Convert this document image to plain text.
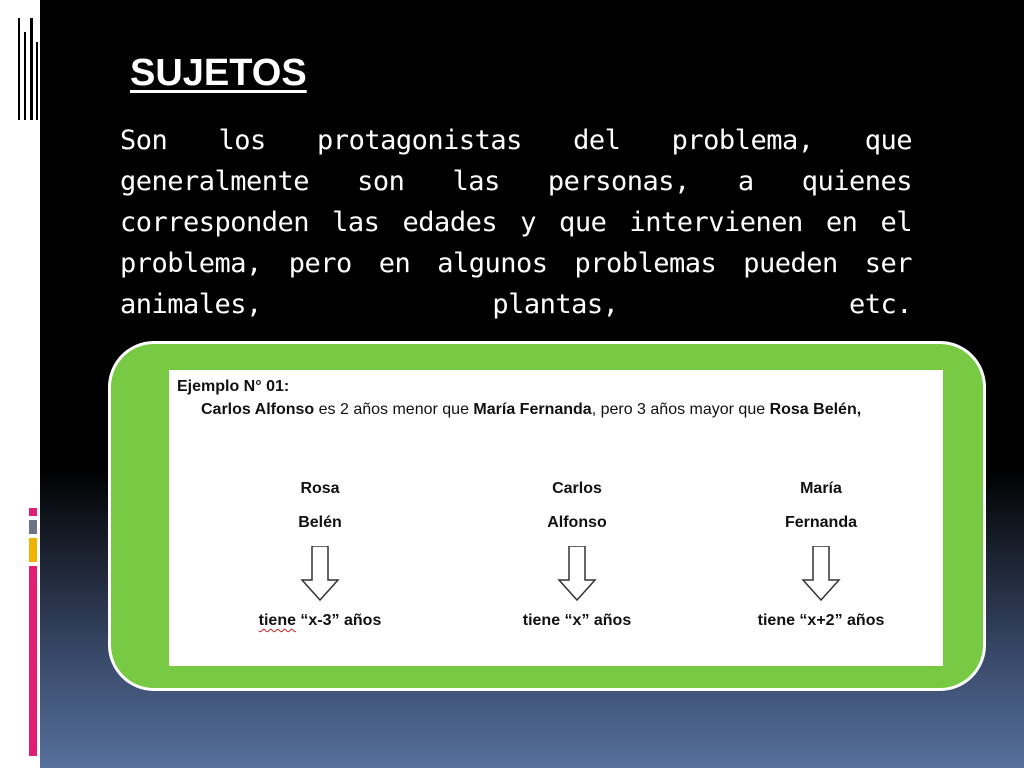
SUJETOS

Son los protagonistas del problema, que generalmente son las personas, a quienes corresponden las edades y que intervienen en el problema, pero en algunos problemas pueden ser animales, plantas, etc.

Ejemplo N° 01:
Carlos Alfonso es 2 años menor que María Fernanda, pero 3 años mayor que Rosa Belén,
Rosa
Belén
tiene “x-3” años
Carlos
Alfonso
tiene “x” años
María
Fernanda
tiene “x+2” años
